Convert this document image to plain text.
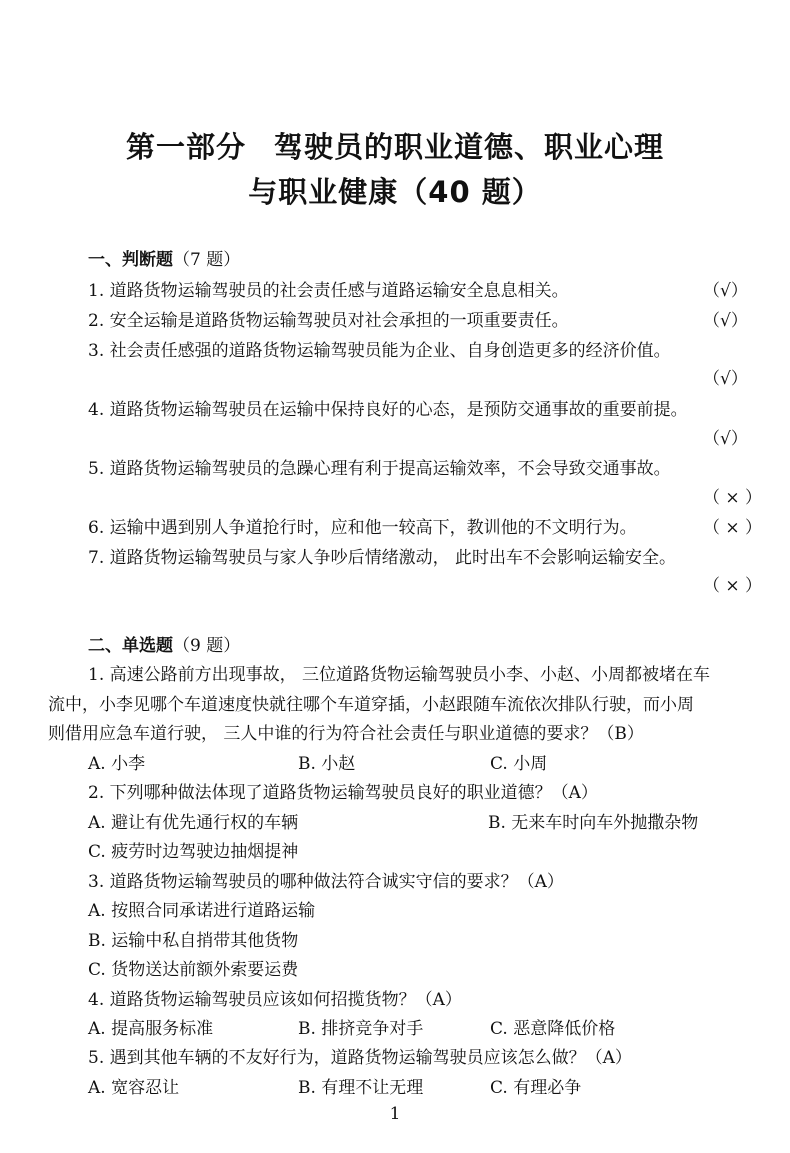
第一部分 驾驶员的职业道德、职业心理
与职业健康（40 题）
一、判断题（7 题）
1. 道路货物运输驾驶员的社会责任感与道路运输安全息息相关。	（√）
2. 安全运输是道路货物运输驾驶员对社会承担的一项重要责任。	（√）
3. 社会责任感强的道路货物运输驾驶员能为企业、自身创造更多的经济价值。
（√）
4. 道路货物运输驾驶员在运输中保持良好的心态，是预防交通事故的重要前提。
（√）
5. 道路货物运输驾驶员的急躁心理有利于提高运输效率，不会导致交通事故。
（ × ）
6. 运输中遇到别人争道抢行时，应和他一较高下，教训他的不文明行为。	（ × ）
7. 道路货物运输驾驶员与家人争吵后情绪激动， 此时出车不会影响运输安全。
（ × ）
二、单选题（9 题）
1. 高速公路前方出现事故， 三位道路货物运输驾驶员小李、小赵、小周都被堵在车
流中，小李见哪个车道速度快就往哪个车道穿插，小赵跟随车流依次排队行驶，而小周
则借用应急车道行驶， 三人中谁的行为符合社会责任与职业道德的要求？（B）
A. 小李	B. 小赵	C. 小周
2. 下列哪种做法体现了道路货物运输驾驶员良好的职业道德？（A）
A. 避让有优先通行权的车辆	B. 无来车时向车外抛撒杂物
C. 疲劳时边驾驶边抽烟提神
3. 道路货物运输驾驶员的哪种做法符合诚实守信的要求？（A）
A. 按照合同承诺进行道路运输
B. 运输中私自捎带其他货物
C. 货物送达前额外索要运费
4. 道路货物运输驾驶员应该如何招揽货物？（A）
A. 提高服务标准	B. 排挤竞争对手	C. 恶意降低价格
5. 遇到其他车辆的不友好行为，道路货物运输驾驶员应该怎么做？（A）
A. 宽容忍让	B. 有理不让无理	C. 有理必争
1
